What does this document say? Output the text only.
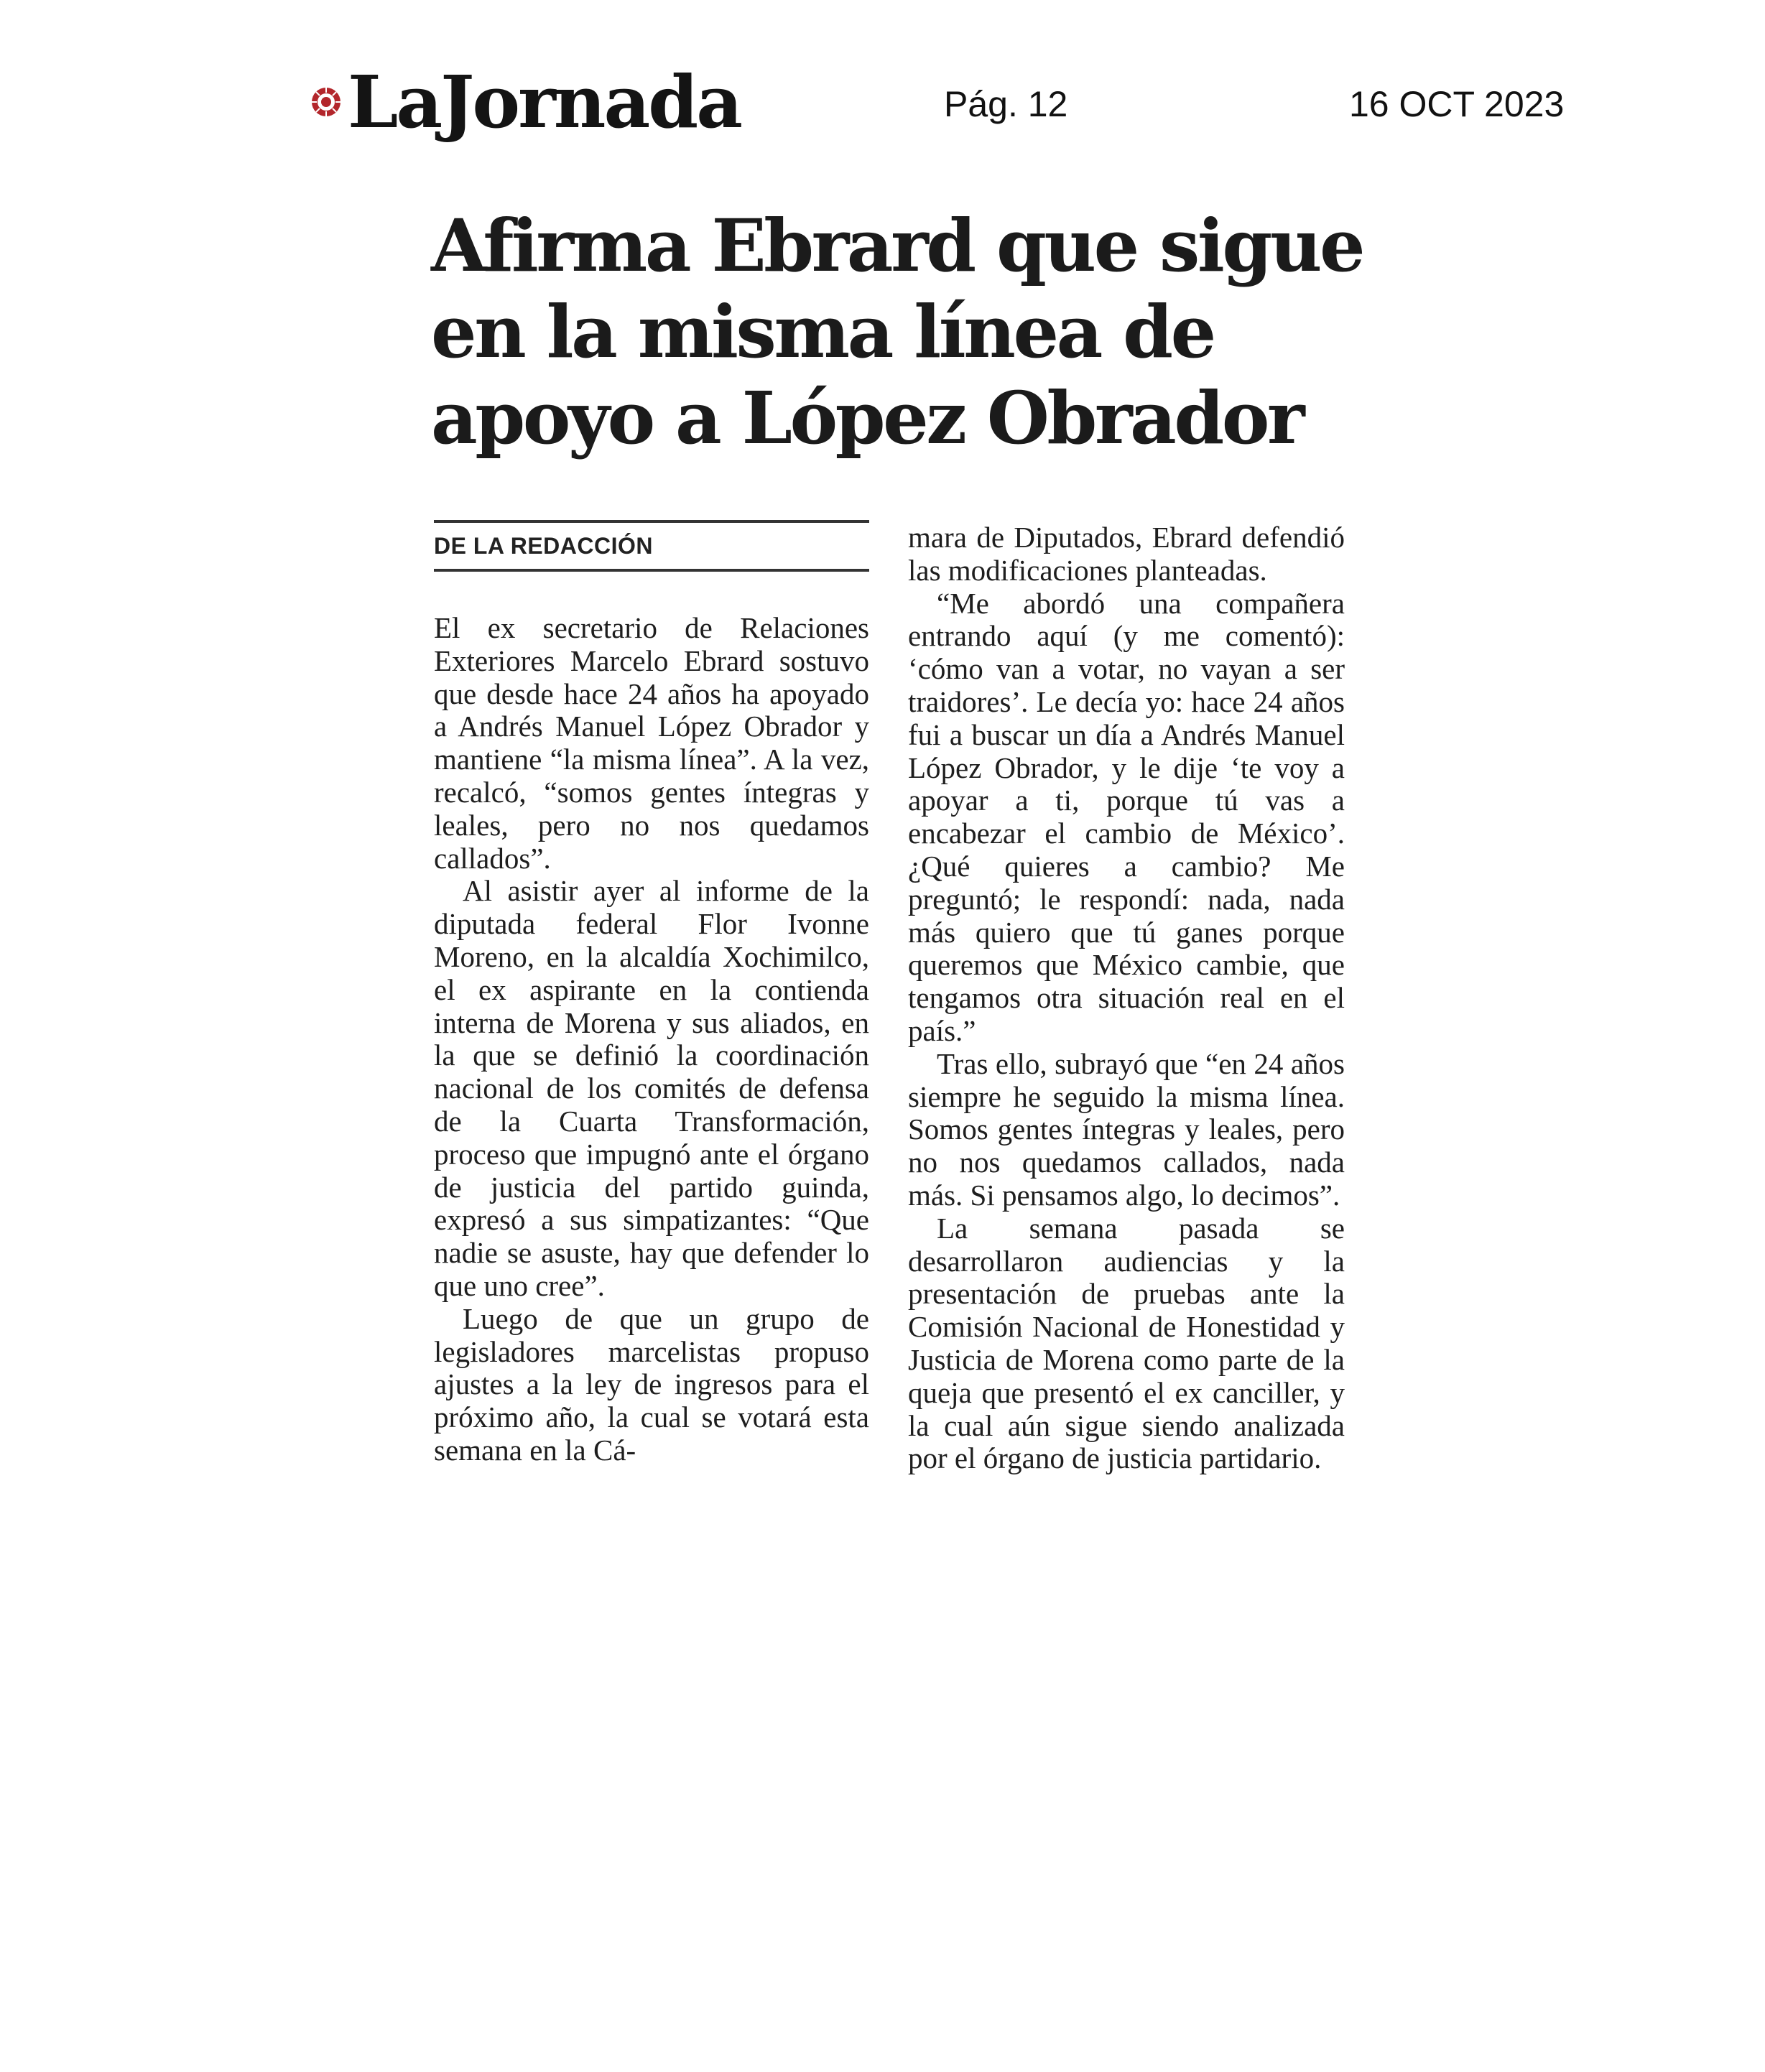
LaJornada	Pág. 12	16 OCT 2023
Afirma Ebrard que sigue en la misma línea de apoyo a López Obrador
DE LA REDACCIÓN

El ex secretario de Relaciones Exteriores Marcelo Ebrard sostuvo que desde hace 24 años ha apoyado a Andrés Manuel López Obrador y mantiene “la misma línea”. A la vez, recalcó, “somos gentes íntegras y leales, pero no nos quedamos callados”.

Al asistir ayer al informe de la diputada federal Flor Ivonne Moreno, en la alcaldía Xochimilco, el ex aspirante en la contienda interna de Morena y sus aliados, en la que se definió la coordinación nacional de los comités de defensa de la Cuarta Transformación, proceso que impugnó ante el órgano de justicia del partido guinda, expresó a sus simpatizantes: “Que nadie se asuste, hay que defender lo que uno cree”.

Luego de que un grupo de legisladores marcelistas propuso ajustes a la ley de ingresos para el próximo año, la cual se votará esta semana en la Cá-

mara de Diputados, Ebrard defendió las modificaciones planteadas.

“Me abordó una compañera entrando aquí (y me comentó): ‘cómo van a votar, no vayan a ser traidores’. Le decía yo: hace 24 años fui a buscar un día a Andrés Manuel López Obrador, y le dije ‘te voy a apoyar a ti, porque tú vas a encabezar el cambio de México’. ¿Qué quieres a cambio? Me preguntó; le respondí: nada, nada más quiero que tú ganes porque queremos que México cambie, que tengamos otra situación real en el país.”

Tras ello, subrayó que “en 24 años siempre he seguido la misma línea. Somos gentes íntegras y leales, pero no nos quedamos callados, nada más. Si pensamos algo, lo decimos”.

La semana pasada se desarrollaron audiencias y la presentación de pruebas ante la Comisión Nacional de Honestidad y Justicia de Morena como parte de la queja que presentó el ex canciller, y la cual aún sigue siendo analizada por el órgano de justicia partidario.
